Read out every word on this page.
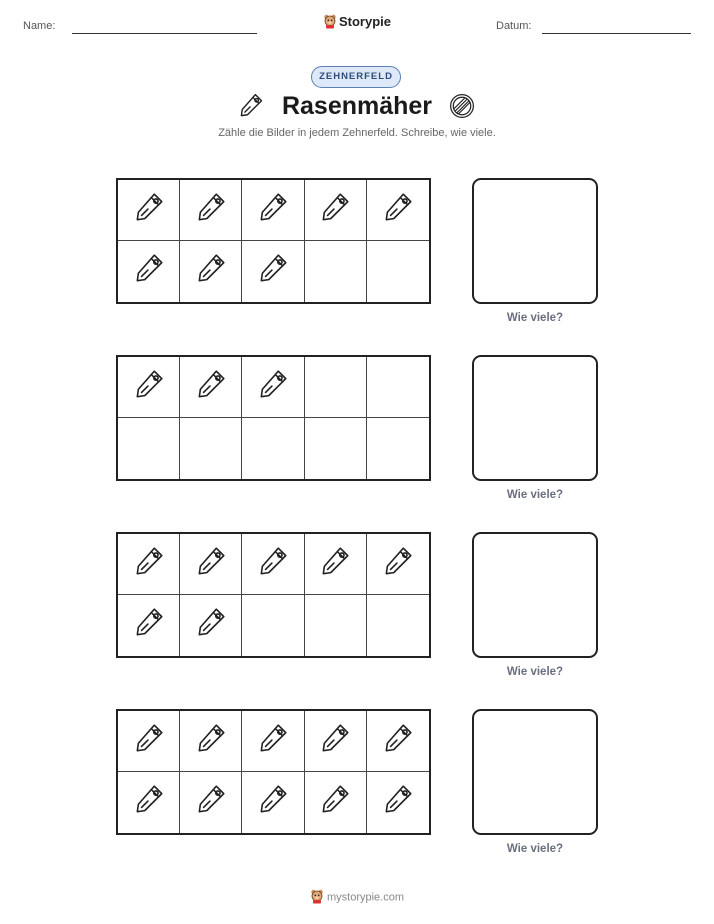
Name:	Storypie	Datum:
ZEHNERFELD
Rasenmäher
Zähle die Bilder in jedem Zehnerfeld. Schreibe, wie viele.
Wie viele?
Wie viele?
Wie viele?
Wie viele?
mystorypie.com
